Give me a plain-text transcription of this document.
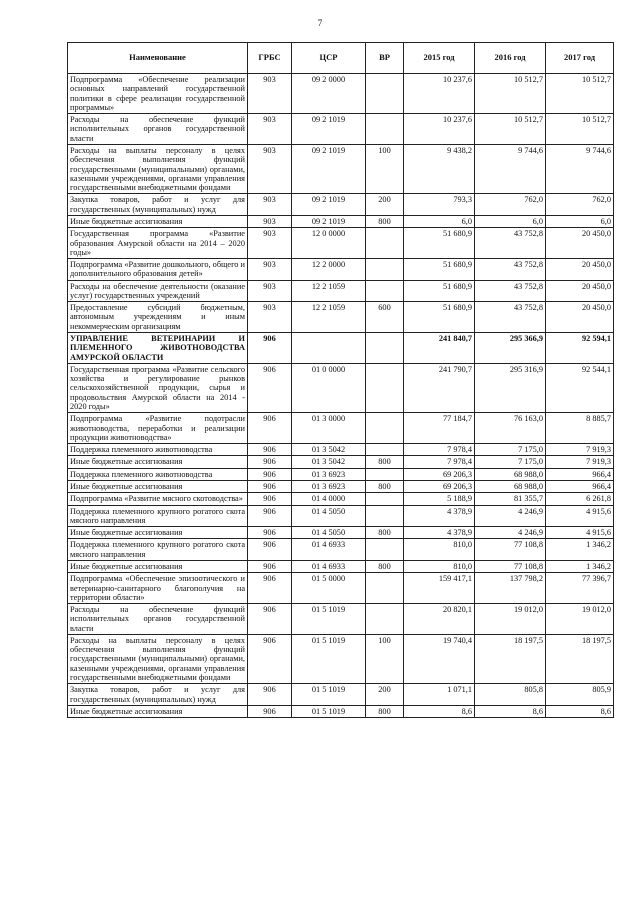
7
Наименование	ГРБС	ЦСР	ВР	2015 год	2016 год	2017 год
Подпрограмма «Обеспечение реализации основных направлений государственной политики в сфере реализации государственной программы»	903	09 2 0000		10 237,6	10 512,7	10 512,7
Расходы на обеспечение функций исполнительных органов государственной власти	903	09 2 1019		10 237,6	10 512,7	10 512,7
Расходы на выплаты персоналу в целях обеспечения выполнения функций государственными (муниципальными) органами, казенными учреждениями, органами управления государственными внебюджетными фондами	903	09 2 1019	100	9 438,2	9 744,6	9 744,6
Закупка товаров, работ и услуг для государственных (муниципальных) нужд	903	09 2 1019	200	793,3	762,0	762,0
Иные бюджетные ассигнования	903	09 2 1019	800	6,0	6,0	6,0
Государственная программа «Развитие образования Амурской области на 2014 – 2020 годы»	903	12 0 0000		51 680,9	43 752,8	20 450,0
Подпрограмма «Развитие дошкольного, общего и дополнительного образования детей»	903	12 2 0000		51 680,9	43 752,8	20 450,0
Расходы на обеспечение деятельности (оказание услуг) государственных учреждений	903	12 2 1059		51 680,9	43 752,8	20 450,0
Предоставление субсидий бюджетным, автономным учреждениям и иным некоммерческим организациям	903	12 2 1059	600	51 680,9	43 752,8	20 450,0
УПРАВЛЕНИЕ ВЕТЕРИНАРИИ И ПЛЕМЕННОГО ЖИВОТНОВОДСТВА АМУРСКОЙ ОБЛАСТИ	906			241 840,7	295 366,9	92 594,1
Государственная программа «Развитие сельского хозяйства и регулирование рынков сельскохозяйственной продукции, сырья и продовольствия Амурской области на 2014 - 2020 годы»	906	01 0 0000		241 790,7	295 316,9	92 544,1
Подпрограмма «Развитие подотрасли животноводства, переработки и реализации продукции животноводства»	906	01 3 0000		77 184,7	76 163,0	8 885,7
Поддержка племенного животноводства	906	01 3 5042		7 978,4	7 175,0	7 919,3
Иные бюджетные ассигнования	906	01 3 5042	800	7 978,4	7 175,0	7 919,3
Поддержка племенного животноводства	906	01 3 6923		69 206,3	68 988,0	966,4
Иные бюджетные ассигнования	906	01 3 6923	800	69 206,3	68 988,0	966,4
Подпрограмма «Развитие мясного скотоводства»	906	01 4 0000		5 188,9	81 355,7	6 261,8
Поддержка племенного крупного рогатого скота мясного направления	906	01 4 5050		4 378,9	4 246,9	4 915,6
Иные бюджетные ассигнования	906	01 4 5050	800	4 378,9	4 246,9	4 915,6
Поддержка племенного крупного рогатого скота мясного направления	906	01 4 6933		810,0	77 108,8	1 346,2
Иные бюджетные ассигнования	906	01 4 6933	800	810,0	77 108,8	1 346,2
Подпрограмма «Обеспечение эпизоотического и ветеринарно-санитарного благополучия на территории области»	906	01 5 0000		159 417,1	137 798,2	77 396,7
Расходы на обеспечение функций исполнительных органов государственной власти	906	01 5 1019		20 820,1	19 012,0	19 012,0
Расходы на выплаты персоналу в целях обеспечения выполнения функций государственными (муниципальными) органами, казенными учреждениями, органами управления государственными внебюджетными фондами	906	01 5 1019	100	19 740,4	18 197,5	18 197,5
Закупка товаров, работ и услуг для государственных (муниципальных) нужд	906	01 5 1019	200	1 071,1	805,8	805,9
Иные бюджетные ассигнования	906	01 5 1019	800	8,6	8,6	8,6
